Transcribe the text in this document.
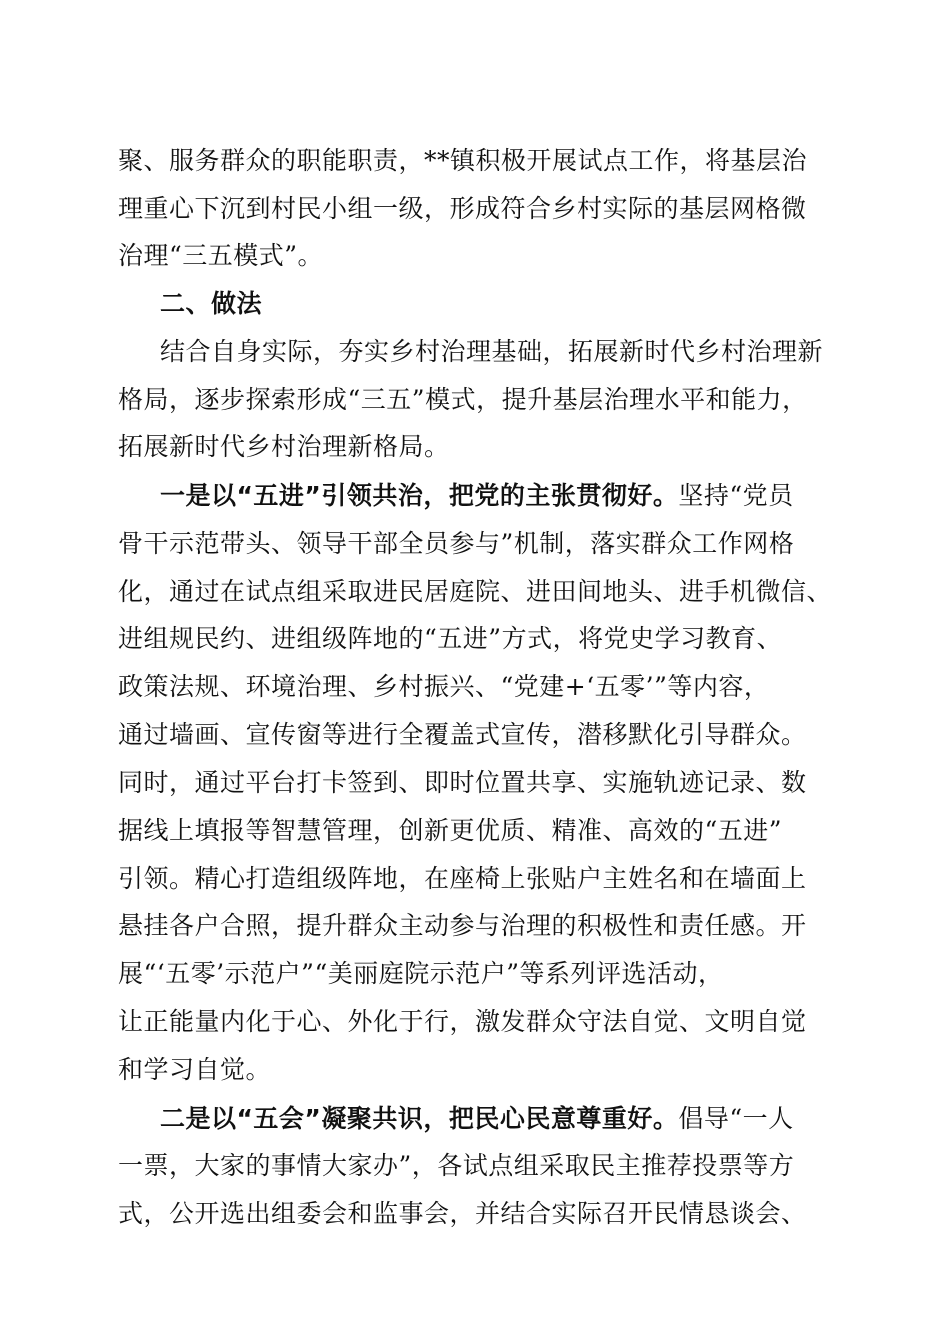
聚、服务群众的职能职责，**镇积极开展试点工作，将基层治
理重心下沉到村民小组一级，形成符合乡村实际的基层网格微
治理“三五模式”。
二、做法
结合自身实际，夯实乡村治理基础，拓展新时代乡村治理新
格局，逐步探索形成“三五”模式，提升基层治理水平和能力，
拓展新时代乡村治理新格局。
一是以“五进”引领共治，把党的主张贯彻好。坚持“党员
骨干示范带头、领导干部全员参与”机制，落实群众工作网格
化，通过在试点组采取进民居庭院、进田间地头、进手机微信、
进组规民约、进组级阵地的“五进”方式，将党史学习教育、
政策法规、环境治理、乡村振兴、“党建+‘五零’”等内容，
通过墙画、宣传窗等进行全覆盖式宣传，潜移默化引导群众。
同时，通过平台打卡签到、即时位置共享、实施轨迹记录、数
据线上填报等智慧管理，创新更优质、精准、高效的“五进”
引领。精心打造组级阵地，在座椅上张贴户主姓名和在墙面上
悬挂各户合照，提升群众主动参与治理的积极性和责任感。开
展“‘五零’示范户”“美丽庭院示范户”等系列评选活动，
让正能量内化于心、外化于行，激发群众守法自觉、文明自觉
和学习自觉。
二是以“五会”凝聚共识，把民心民意尊重好。倡导“一人
一票，大家的事情大家办”，各试点组采取民主推荐投票等方
式，公开选出组委会和监事会，并结合实际召开民情恳谈会、
